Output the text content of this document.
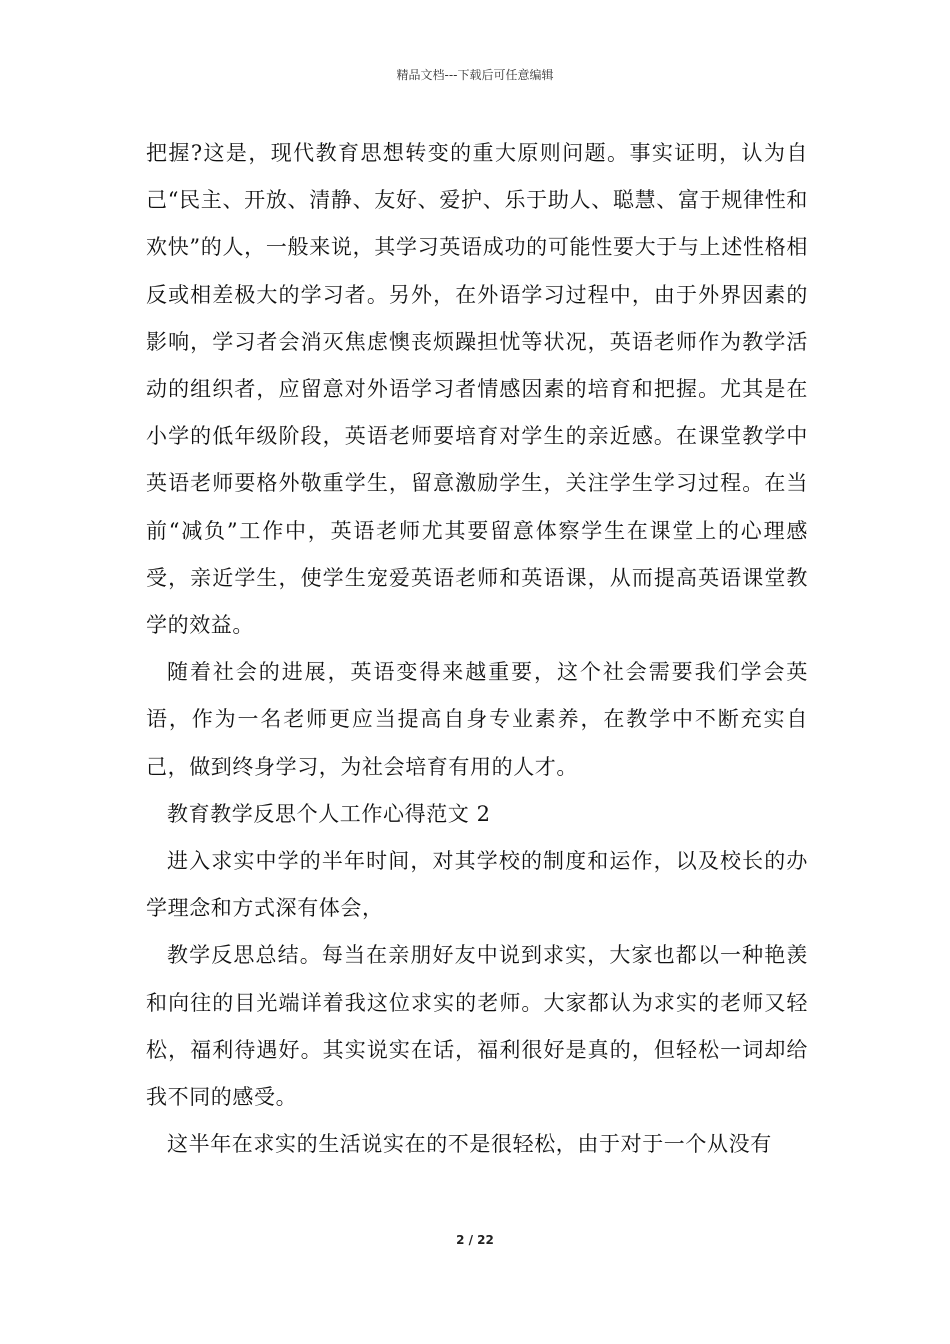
精品文档---下载后可任意编辑

把握?这是，现代教育思想转变的重大原则问题。事实证明，认为自己“民主、开放、清静、友好、爱护、乐于助人、聪慧、富于规律性和欢快”的人，一般来说，其学习英语成功的可能性要大于与上述性格相反或相差极大的学习者。另外，在外语学习过程中，由于外界因素的影响，学习者会消灭焦虑懊丧烦躁担忧等状况，英语老师作为教学活动的组织者，应留意对外语学习者情感因素的培育和把握。尤其是在小学的低年级阶段，英语老师要培育对学生的亲近感。在课堂教学中英语老师要格外敬重学生，留意激励学生，关注学生学习过程。在当前“减负”工作中，英语老师尤其要留意体察学生在课堂上的心理感受，亲近学生，使学生宠爱英语老师和英语课，从而提高英语课堂教学的效益。

随着社会的进展，英语变得来越重要，这个社会需要我们学会英语，作为一名老师更应当提高自身专业素养，在教学中不断充实自己，做到终身学习，为社会培育有用的人才。

教育教学反思个人工作心得范文 2

进入求实中学的半年时间，对其学校的制度和运作，以及校长的办学理念和方式深有体会，

教学反思总结。每当在亲朋好友中说到求实，大家也都以一种艳羡和向往的目光端详着我这位求实的老师。大家都认为求实的老师又轻松，福利待遇好。其实说实在话，福利很好是真的，但轻松一词却给我不同的感受。

这半年在求实的生活说实在的不是很轻松，由于对于一个从没有

2 / 22
